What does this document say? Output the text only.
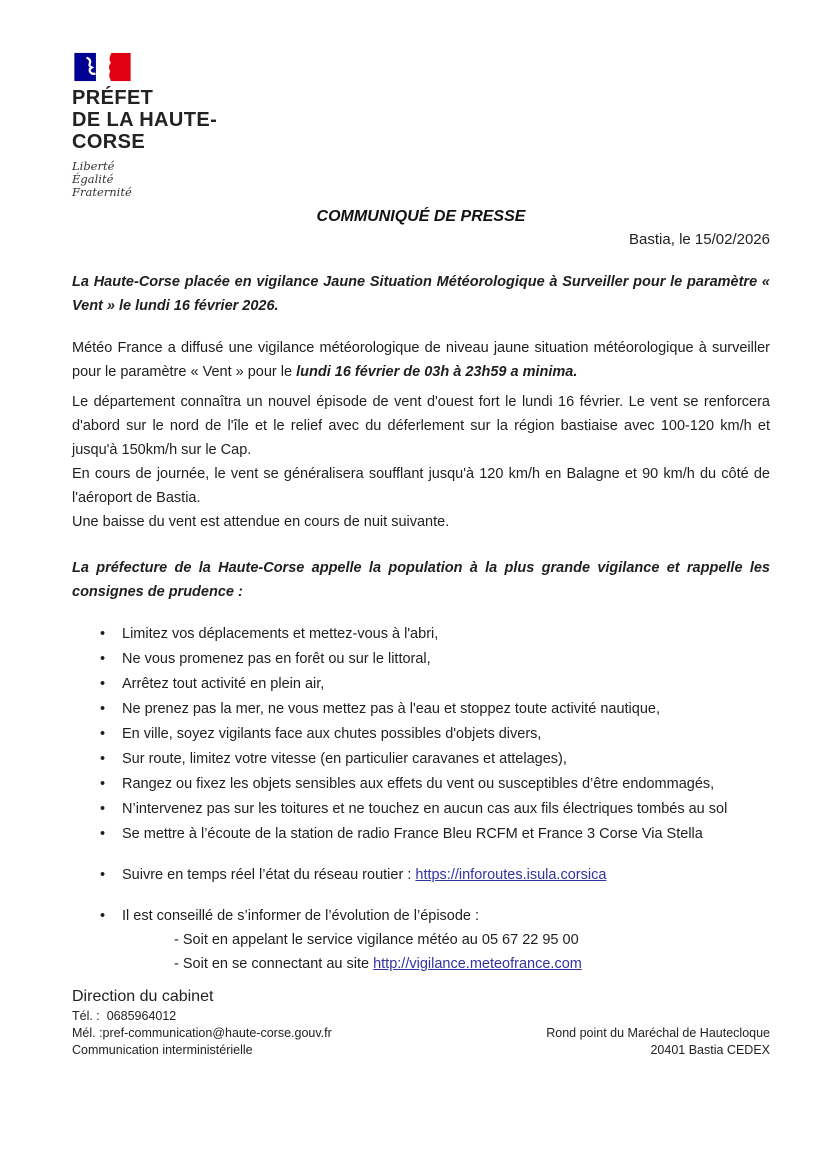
PRÉFET
DE LA HAUTE-
CORSE
Liberté
Égalité
Fraternité
COMMUNIQUÉ DE PRESSE
Bastia, le 15/02/2026
La Haute-Corse placée en vigilance Jaune Situation Météorologique à Surveiller pour le paramètre « Vent » le lundi 16 février 2026.
Météo France a diffusé une vigilance météorologique de niveau jaune situation météorologique à surveiller pour le paramètre « Vent » pour le lundi 16 février de 03h à 23h59 a minima.
Le département connaîtra un nouvel épisode de vent d'ouest fort le lundi 16 février. Le vent se renforcera d'abord sur le nord de l'île et le relief avec du déferlement sur la région bastiaise avec 100-120 km/h et jusqu'à 150km/h sur le Cap.
En cours de journée, le vent se généralisera soufflant jusqu'à 120 km/h en Balagne et 90 km/h du côté de l'aéroport de Bastia.
Une baisse du vent est attendue en cours de nuit suivante.
La préfecture de la Haute-Corse appelle la population à la plus grande vigilance et rappelle les consignes de prudence :
•	Limitez vos déplacements et mettez-vous à l'abri,
•	Ne vous promenez pas en forêt ou sur le littoral,
•	Arrêtez tout activité en plein air,
•	Ne prenez pas la mer, ne vous mettez pas à l'eau et stoppez toute activité nautique,
•	En ville, soyez vigilants face aux chutes possibles d'objets divers,
•	Sur route, limitez votre vitesse (en particulier caravanes et attelages),
•	Rangez ou fixez les objets sensibles aux effets du vent ou susceptibles d’être endommagés,
•	N’intervenez pas sur les toitures et ne touchez en aucun cas aux fils électriques tombés au sol
•	Se mettre à l’écoute de la station de radio France Bleu RCFM et France 3 Corse Via Stella
•	Suivre en temps réel l’état du réseau routier : https://inforoutes.isula.corsica
•	Il est conseillé de s’informer de l’évolution de l’épisode :
- Soit en appelant le service vigilance météo au 05 67 22 95 00
- Soit en se connectant au site http://vigilance.meteofrance.com
Direction du cabinet
Tél. :  0685964012
Mél. :pref-communication@haute-corse.gouv.fr
Communication interministérielle
Rond point du Maréchal de Hautecloque
20401 Bastia CEDEX
